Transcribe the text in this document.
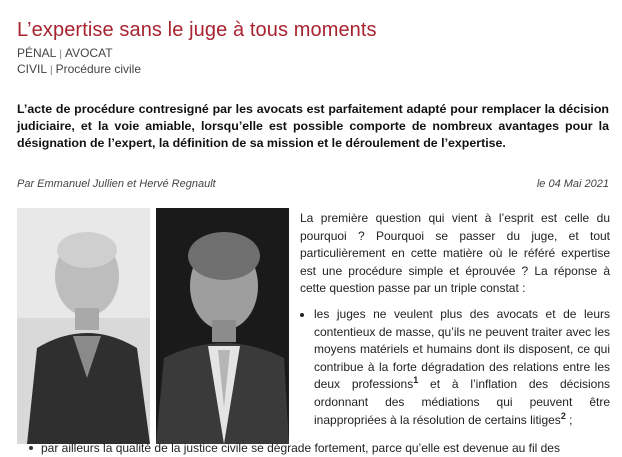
L’expertise sans le juge à tous moments
PÉNAL | AVOCAT
CIVIL | Procédure civile

L’acte de procédure contresigné par les avocats est parfaitement adapté pour remplacer la décision judiciaire, et la voie amiable, lorsqu’elle est possible comporte de nombreux avantages pour la désignation de l’expert, la définition de sa mission et le déroulement de l’expertise.

Par Emmanuel Jullien et Hervé Regnault	le 04 Mai 2021

La première question qui vient à l’esprit est celle du pourquoi ? Pourquoi se passer du juge, et tout particulièrement en cette matière où le référé expertise est une procédure simple et éprouvée ? La réponse à cette question passe par un triple constat :

• les juges ne veulent plus des avocats et de leurs contentieux de masse, qu’ils ne peuvent traiter avec les moyens matériels et humains dont ils disposent, ce qui contribue à la forte dégradation des relations entre les deux professions$^1$ et à l’inflation des décisions ordonnant des médiations qui peuvent être inappropriées à la résolution de certains litiges$^2$ ;
par ailleurs la qualité de la justice civile se dégrade fortement, parce qu’elle est devenue au fil des
